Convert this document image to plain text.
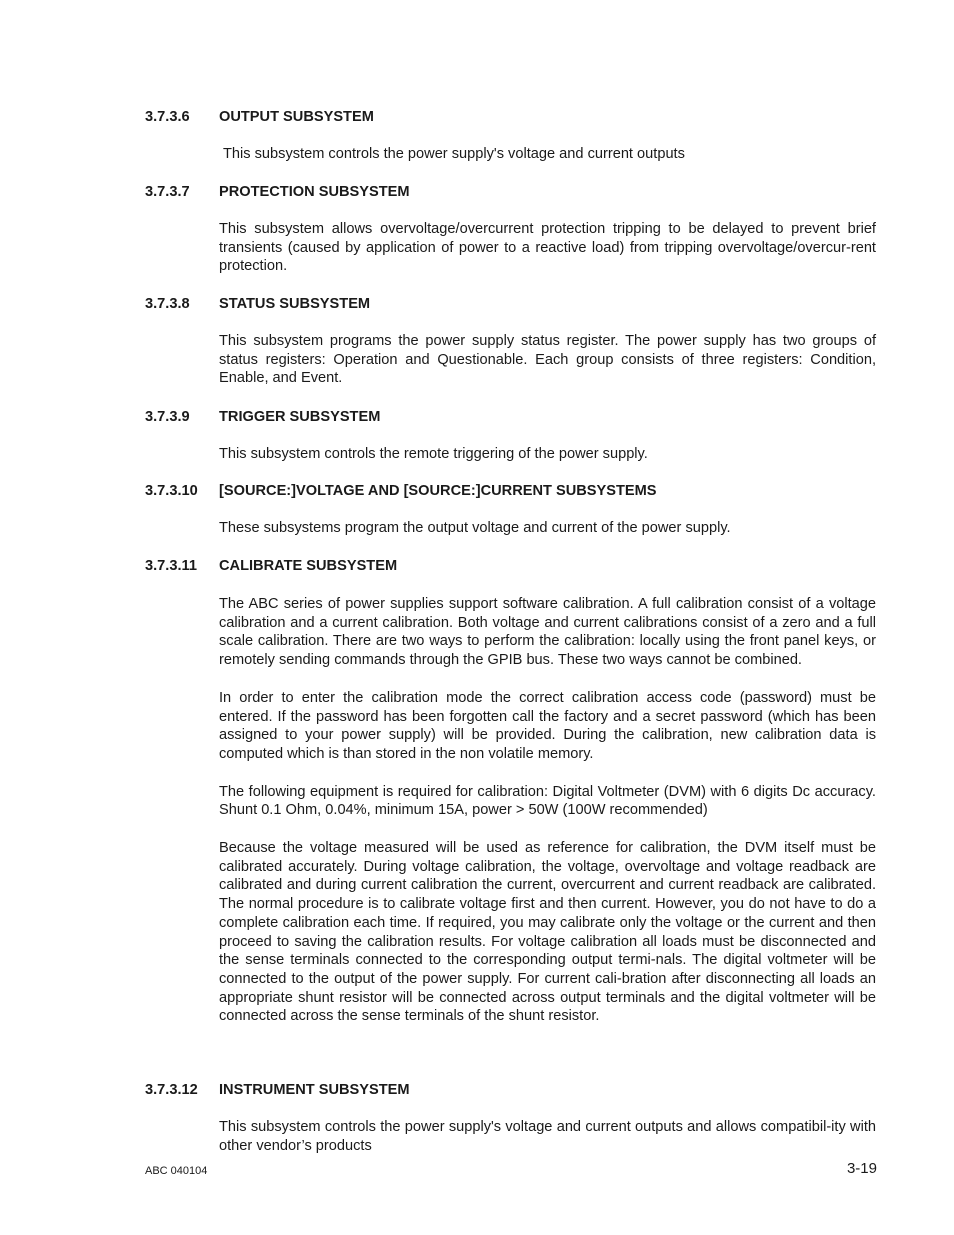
3.7.3.6 OUTPUT SUBSYSTEM
This subsystem controls the power supply's voltage and current outputs
3.7.3.7 PROTECTION SUBSYSTEM
This subsystem allows overvoltage/overcurrent protection tripping to be delayed to prevent brief transients (caused by application of power to a reactive load) from tripping overvoltage/overcur-rent protection.
3.7.3.8 STATUS SUBSYSTEM
This subsystem programs the power supply status register. The power supply has two groups of status registers: Operation and Questionable. Each group consists of three registers: Condition, Enable, and Event.
3.7.3.9 TRIGGER SUBSYSTEM
This subsystem controls the remote triggering of the power supply.
3.7.3.10 [SOURCE:]VOLTAGE AND [SOURCE:]CURRENT SUBSYSTEMS
These subsystems program the output voltage and current of the power supply.
3.7.3.11 CALIBRATE SUBSYSTEM
The ABC series of power supplies support software calibration. A full calibration consist of a voltage calibration and a current calibration. Both voltage and current calibrations consist of a zero and a full scale calibration. There are two ways to perform the calibration: locally using the front panel keys, or remotely sending commands through the GPIB bus. These two ways cannot be combined.
In order to enter the calibration mode the correct calibration access code (password) must be entered. If the password has been forgotten call the factory and a secret password (which has been assigned to your power supply) will be provided. During the calibration, new calibration data is computed which is than stored in the non volatile memory.
The following equipment is required for calibration: Digital Voltmeter (DVM) with 6 digits Dc accuracy. Shunt 0.1 Ohm, 0.04%, minimum 15A, power > 50W (100W recommended)
Because the voltage measured will be used as reference for calibration, the DVM itself must be calibrated accurately. During voltage calibration, the voltage, overvoltage and voltage readback are calibrated and during current calibration the current, overcurrent and current readback are calibrated. The normal procedure is to calibrate voltage first and then current. However, you do not have to do a complete calibration each time. If required, you may calibrate only the voltage or the current and then proceed to saving the calibration results. For voltage calibration all loads must be disconnected and the sense terminals connected to the corresponding output termi-nals. The digital voltmeter will be connected to the output of the power supply. For current cali-bration after disconnecting all loads an appropriate shunt resistor will be connected across output terminals and the digital voltmeter will be connected across the sense terminals of the shunt resistor.
3.7.3.12 INSTRUMENT SUBSYSTEM
This subsystem controls the power supply's voltage and current outputs and allows compatibil-ity with other vendor’s products
ABC 040104	3-19
